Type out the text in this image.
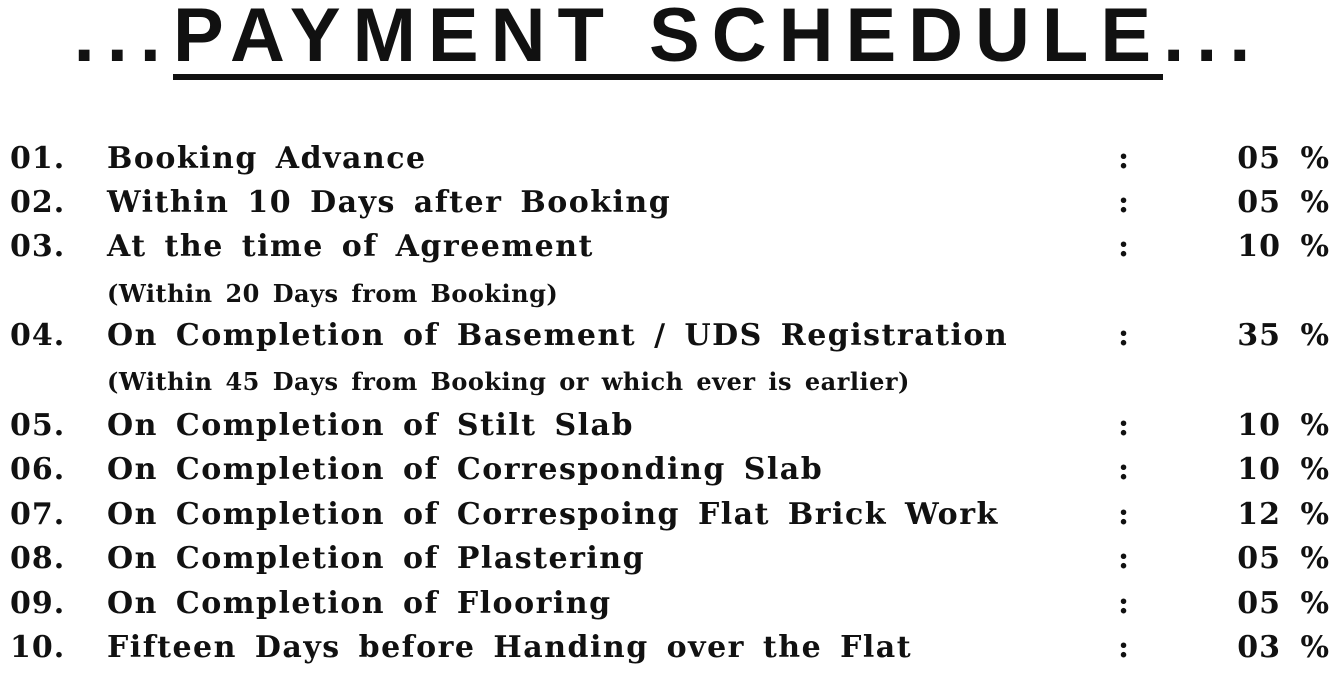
...PAYMENT SCHEDULE...
01. Booking Advance	:	05 %
02. Within 10 Days after Booking	:	05 %
03. At the time of Agreement	:	10 %
(Within 20 Days from Booking)
04. On Completion of Basement / UDS Registration	:	35 %
(Within 45 Days from Booking or which ever is earlier)
05. On Completion of Stilt Slab	:	10 %
06. On Completion of Corresponding Slab	:	10 %
07. On Completion of Correspoing Flat Brick Work	:	12 %
08. On Completion of Plastering	:	05 %
09. On Completion of Flooring	:	05 %
10. Fifteen Days before Handing over the Flat	:	03 %
